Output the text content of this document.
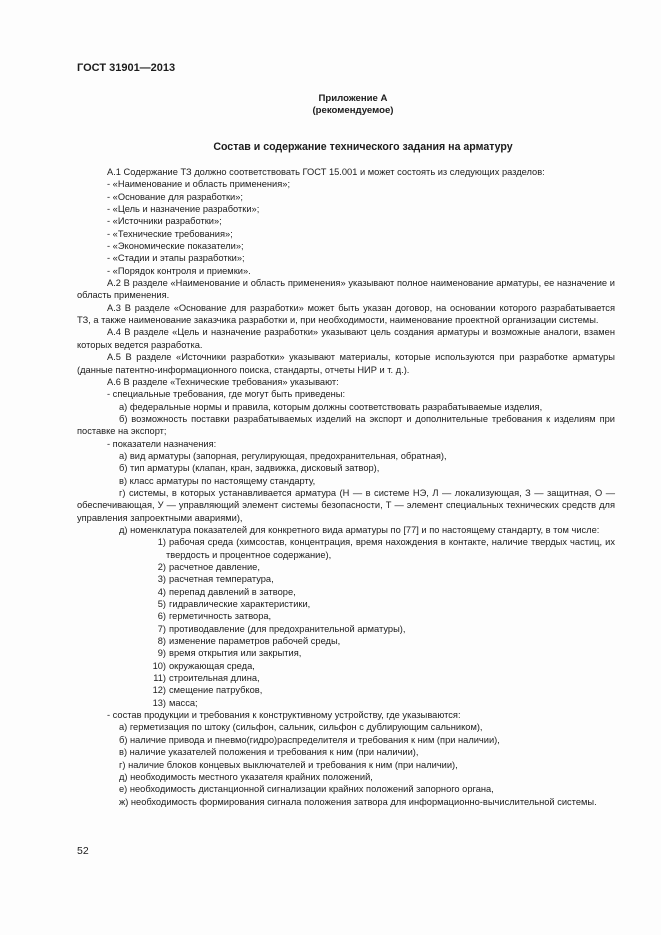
ГОСТ 31901—2013
Приложение А
(рекомендуемое)
Состав и содержание технического задания на арматуру

А.1 Содержание ТЗ должно соответствовать ГОСТ 15.001 и может состоять из следующих разделов:

- «Наименование и область применения»;

- «Основание для разработки»;

- «Цель и назначение разработки»;

- «Источники разработки»;

- «Технические требования»;

- «Экономические показатели»;

- «Стадии и этапы разработки»;

- «Порядок контроля и приемки».

А.2 В разделе «Наименование и область применения» указывают полное наименование арматуры, ее назначение и область применения.

А.3 В разделе «Основание для разработки» может быть указан договор, на основании которого разрабатывается ТЗ, а также наименование заказчика разработки и, при необходимости, наименование проектной организации системы.

А.4 В разделе «Цель и назначение разработки» указывают цель создания арматуры и возможные аналоги, взамен которых ведется разработка.

А.5 В разделе «Источники разработки» указывают материалы, которые используются при разработке арматуры (данные патентно-информационного поиска, стандарты, отчеты НИР и т. д.).

А.6 В разделе «Технические требования» указывают:

- специальные требования, где могут быть приведены:

а) федеральные нормы и правила, которым должны соответствовать разрабатываемые изделия,

б) возможность поставки разрабатываемых изделий на экспорт и дополнительные требования к изделиям при поставке на экспорт;

- показатели назначения:

а) вид арматуры (запорная, регулирующая, предохранительная, обратная),

б) тип арматуры (клапан, кран, задвижка, дисковый затвор),

в) класс арматуры по настоящему стандарту,

г) системы, в которых устанавливается арматура (Н — в системе НЭ, Л — локализующая, З — защитная, О — обеспечивающая, У — управляющий элемент системы безопасности, Т — элемент специальных технических средств для управления запроектными авариями),

д) номенклатура показателей для конкретного вида арматуры по [77] и по настоящему стандарту, в том числе:

1) рабочая среда (химсостав, концентрация, время нахождения в контакте, наличие твердых частиц, их твердость и процентное содержание),

2) расчетное давление,

3) расчетная температура,

4) перепад давлений в затворе,

5) гидравлические характеристики,

6) герметичность затвора,

7) противодавление (для предохранительной арматуры),

8) изменение параметров рабочей среды,

9) время открытия или закрытия,

10) окружающая среда,

11) строительная длина,

12) смещение патрубков,

13) масса;

- состав продукции и требования к конструктивному устройству, где указываются:

а) герметизация по штоку (сильфон, сальник, сильфон с дублирующим сальником),

б) наличие привода и пневмо(гидро)распределителя и требования к ним (при наличии),

в) наличие указателей положения и требования к ним (при наличии),

г) наличие блоков концевых выключателей и требования к ним (при наличии),

д) необходимость местного указателя крайних положений,

е) необходимость дистанционной сигнализации крайних положений запорного органа,

ж) необходимость формирования сигнала положения затвора для информационно-вычислительной системы.

52
